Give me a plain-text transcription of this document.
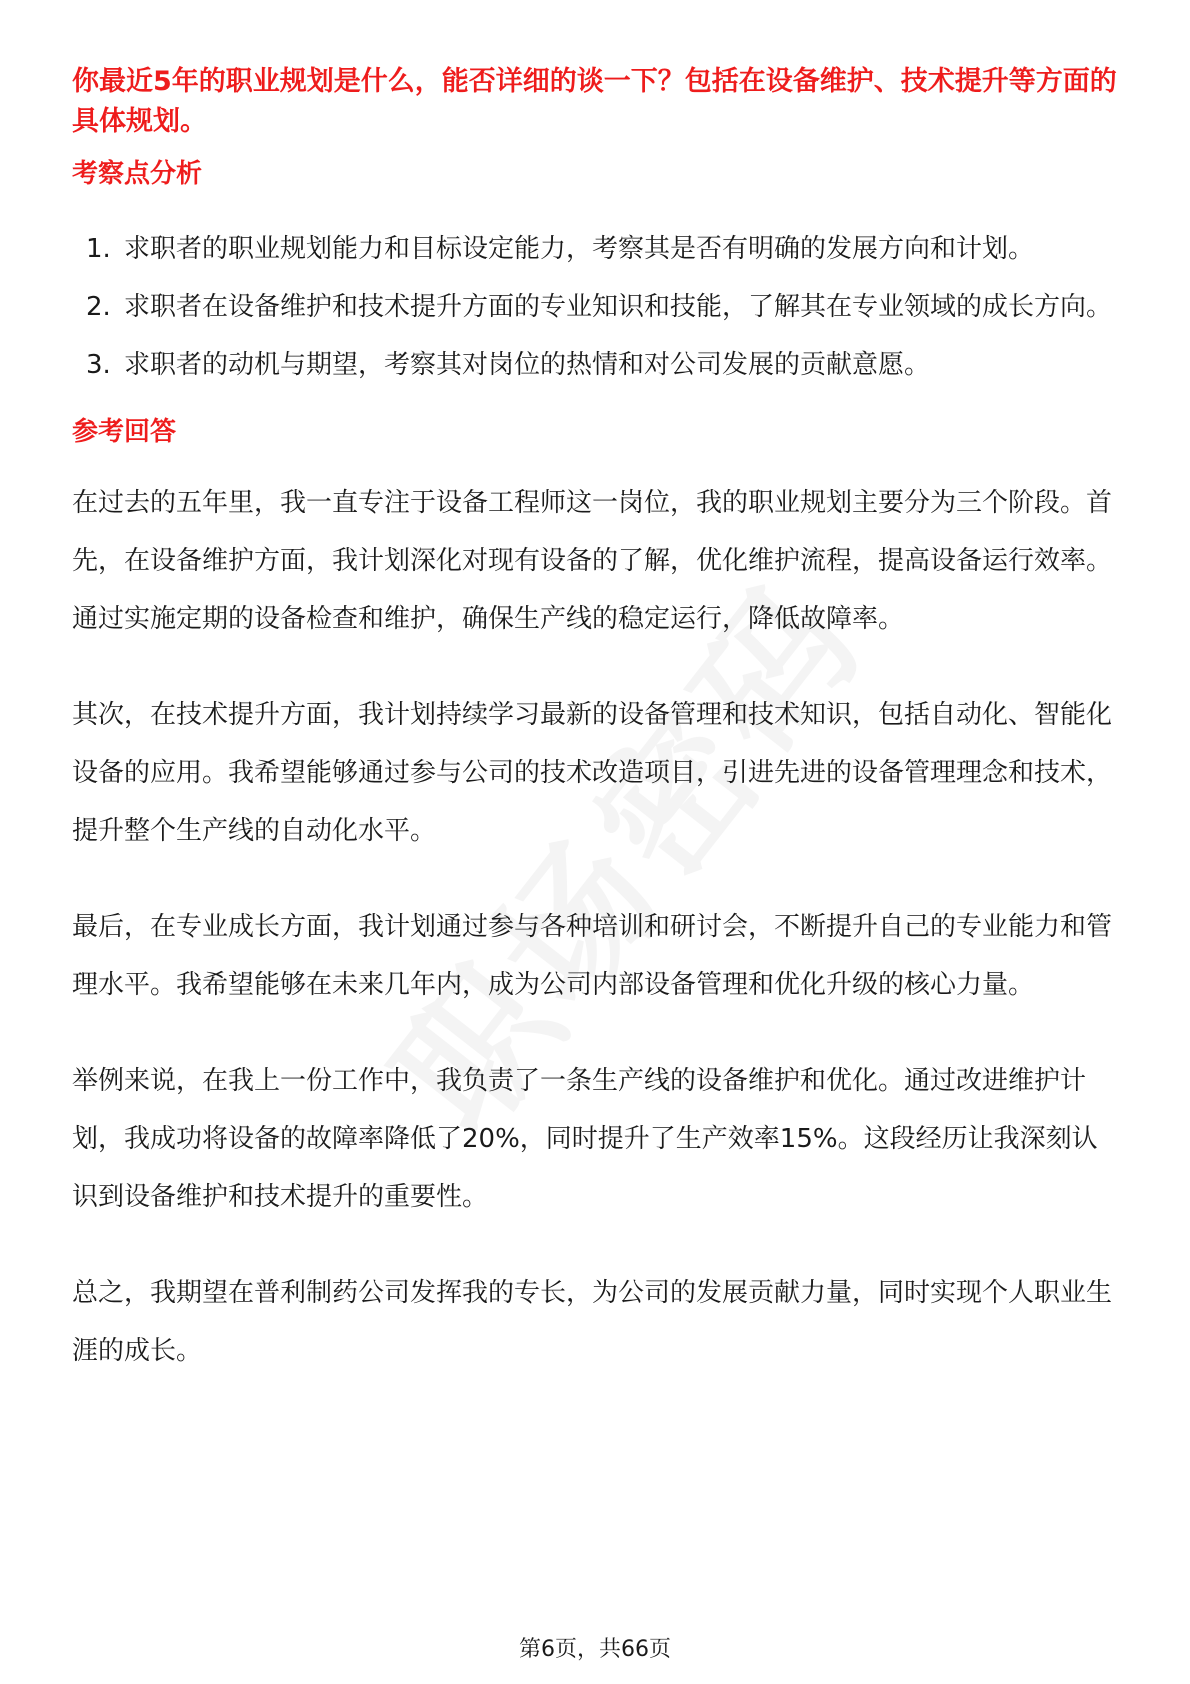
你最近5年的职业规划是什么，能否详细的谈一下？包括在设备维护、技术提升等方面的具体规划。

考察点分析
1. 求职者的职业规划能力和目标设定能力，考察其是否有明确的发展方向和计划。
2. 求职者在设备维护和技术提升方面的专业知识和技能，了解其在专业领域的成长方向。
3. 求职者的动机与期望，考察其对岗位的热情和对公司发展的贡献意愿。
参考回答

在过去的五年里，我一直专注于设备工程师这一岗位，我的职业规划主要分为三个阶段。首先，在设备维护方面，我计划深化对现有设备的了解，优化维护流程，提高设备运行效率。通过实施定期的设备检查和维护，确保生产线的稳定运行，降低故障率。

其次，在技术提升方面，我计划持续学习最新的设备管理和技术知识，包括自动化、智能化设备的应用。我希望能够通过参与公司的技术改造项目，引进先进的设备管理理念和技术，提升整个生产线的自动化水平。

最后，在专业成长方面，我计划通过参与各种培训和研讨会，不断提升自己的专业能力和管理水平。我希望能够在未来几年内，成为公司内部设备管理和优化升级的核心力量。

举例来说，在我上一份工作中，我负责了一条生产线的设备维护和优化。通过改进维护计划，我成功将设备的故障率降低了20%，同时提升了生产效率15%。这段经历让我深刻认识到设备维护和技术提升的重要性。

总之，我期望在普利制药公司发挥我的专长，为公司的发展贡献力量，同时实现个人职业生涯的成长。

第6页，共66页
